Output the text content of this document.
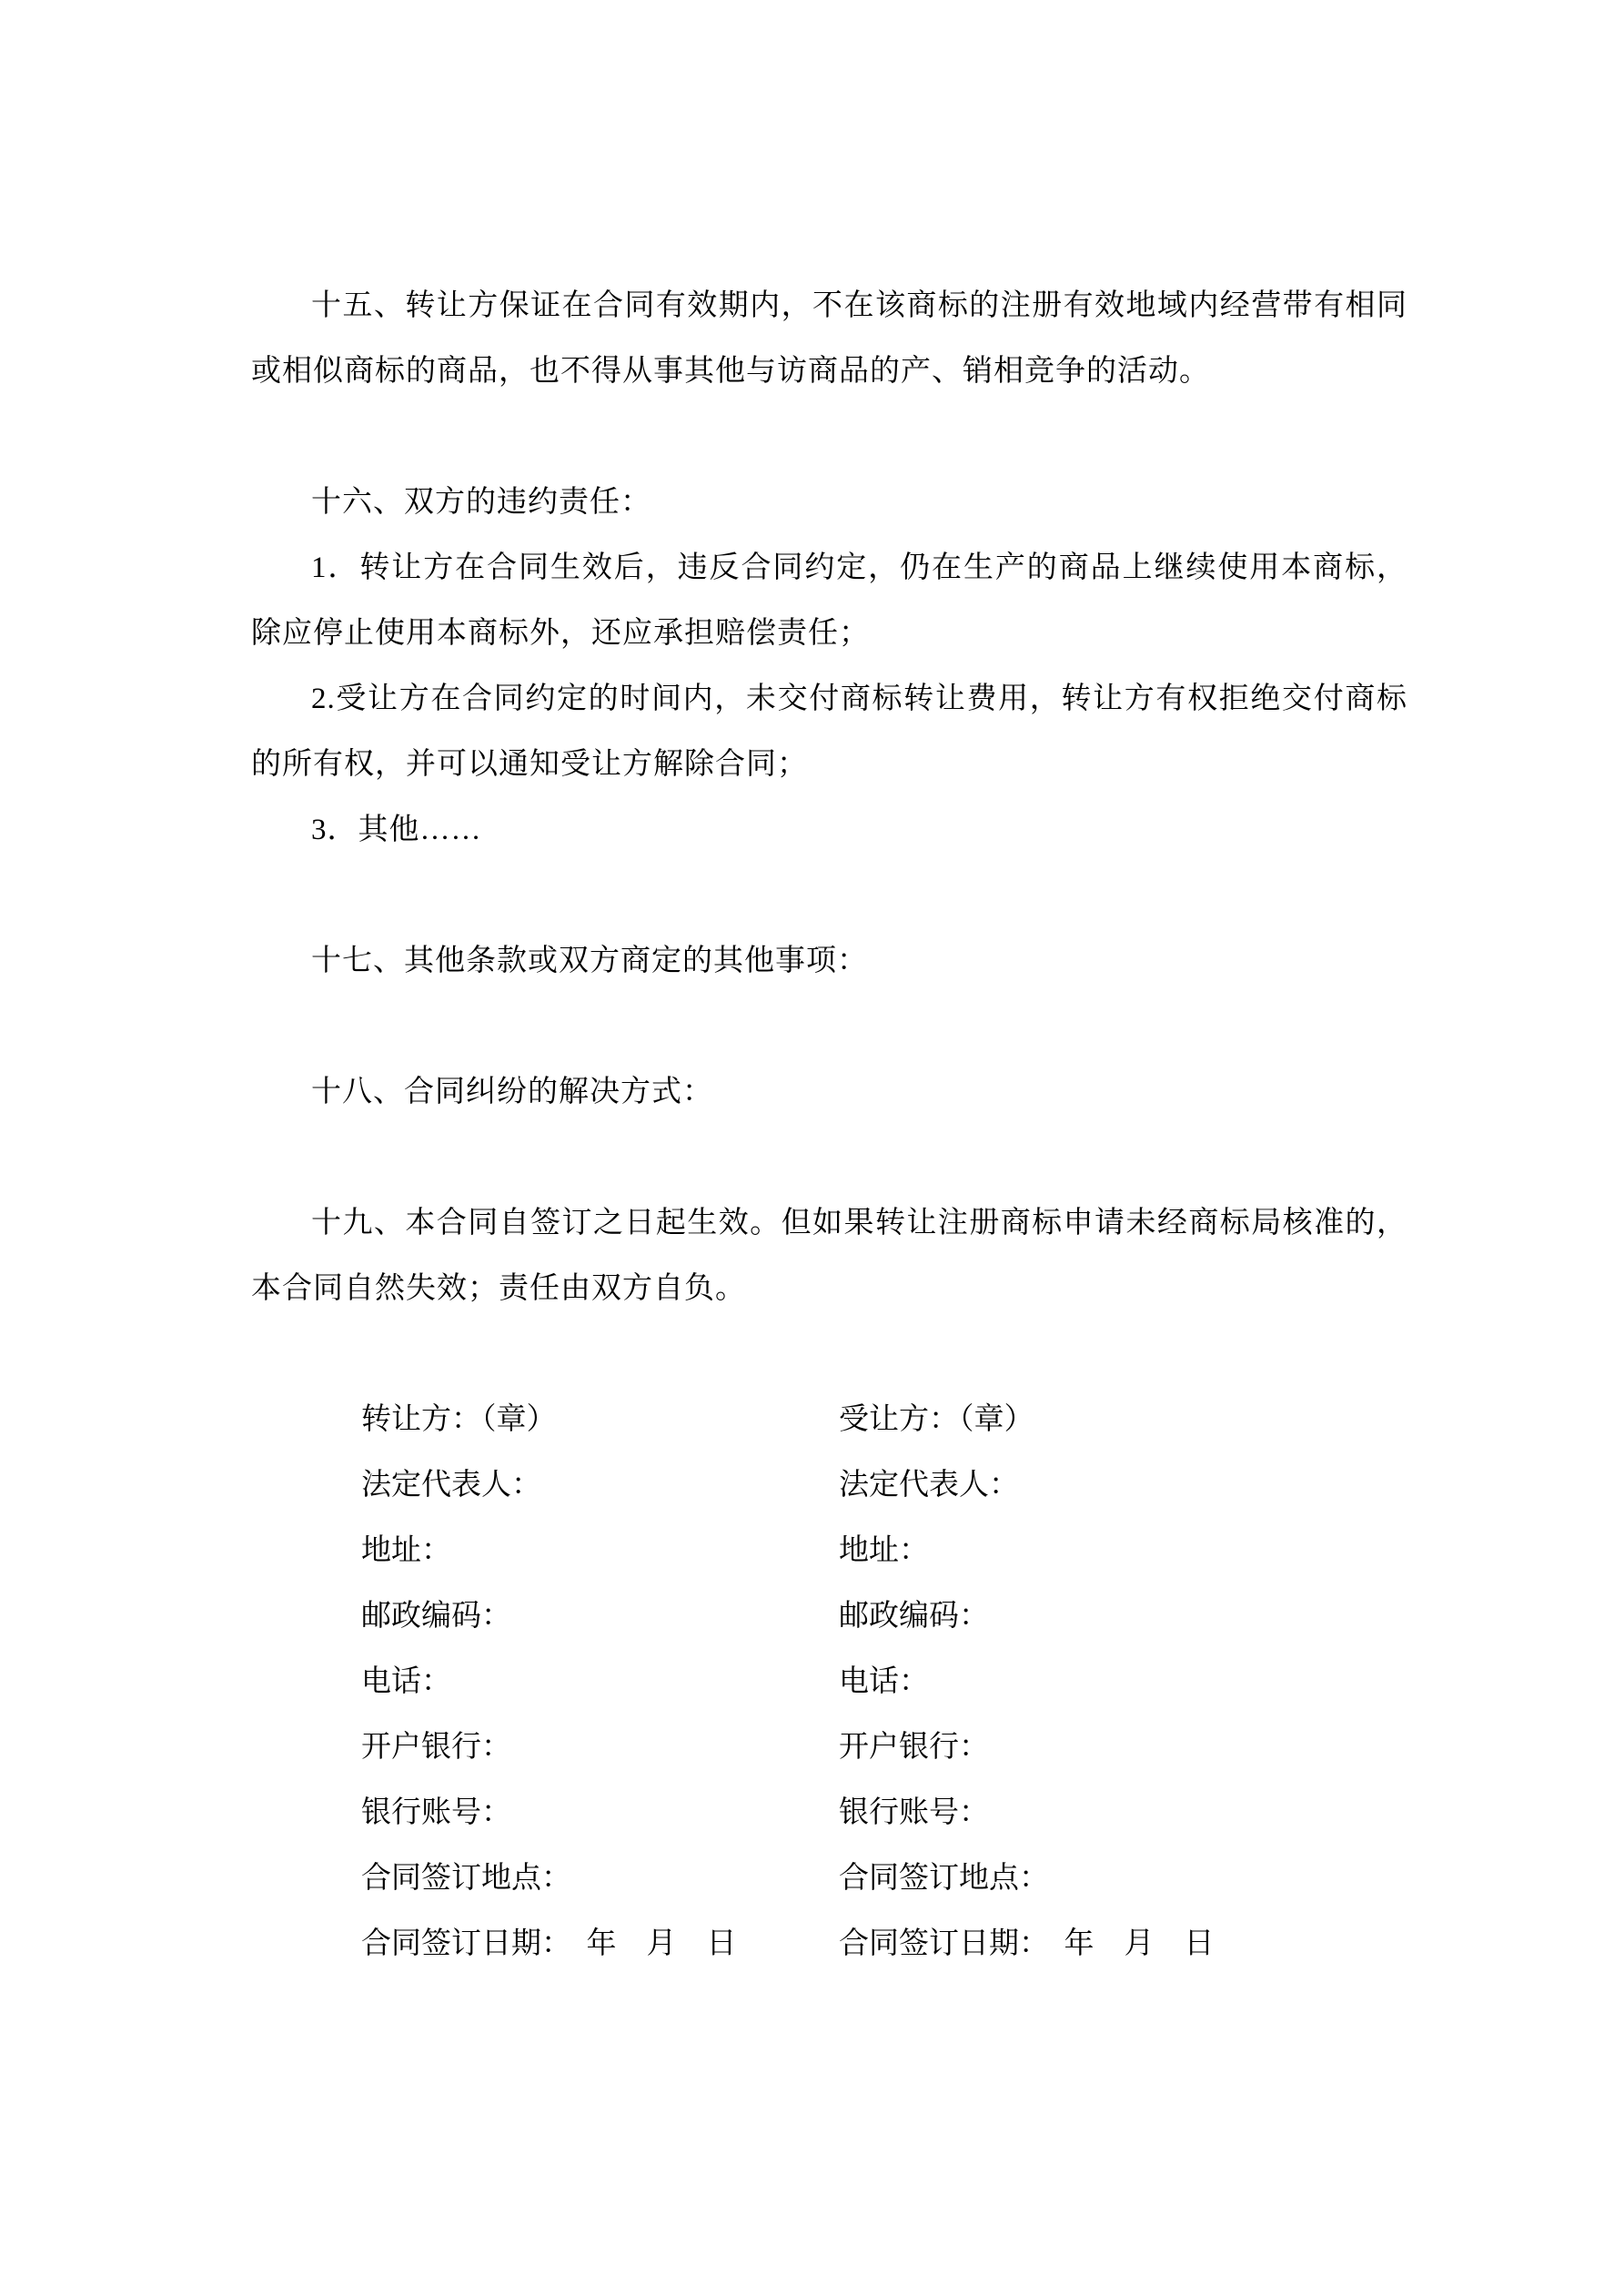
十五、转让方保证在合同有效期内，不在该商标的注册有效地域内经营带有相同或相似商标的商品，也不得从事其他与访商品的产、销相竞争的活动。

十六、双方的违约责任：

1．转让方在合同生效后，违反合同约定，仍在生产的商品上继续使用本商标，除应停止使用本商标外，还应承担赔偿责任；

2.受让方在合同约定的时间内，未交付商标转让费用，转让方有权拒绝交付商标的所有权，并可以通知受让方解除合同；

3．其他……

十七、其他条款或双方商定的其他事项：

十八、合同纠纷的解决方式：

十九、本合同自签订之日起生效。但如果转让注册商标申请未经商标局核准的，本合同自然失效；责任由双方自负。

转让方：（章）	受让方：（章）
法定代表人：	法定代表人：
地址：	地址：
邮政编码：	邮政编码：
电话：	电话：
开户银行：	开户银行：
银行账号：	银行账号：
合同签订地点：	合同签订地点：
合同签订日期：　年　月　日	合同签订日期：　年　月　日
